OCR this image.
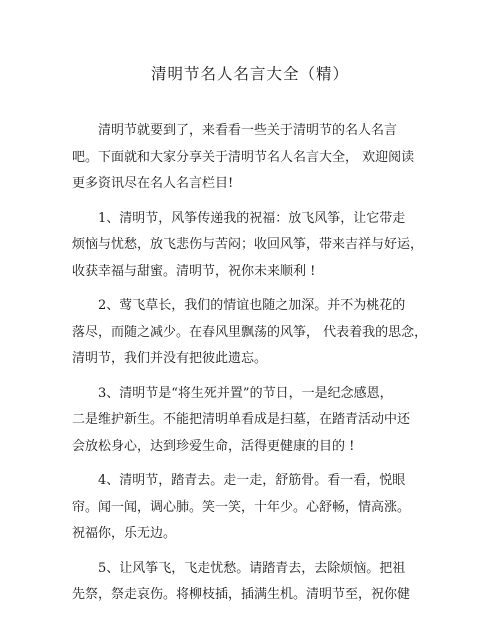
清明节名人名言大全（精）

清明节就要到了，来看看一些关于清明节的名人名言
吧。下面就和大家分享关于清明节名人名言大全， 欢迎阅读
更多资讯尽在名人名言栏目!

1、清明节，风筝传递我的祝福：放飞风筝，让它带走
烦恼与忧愁，放飞悲伤与苦闷；收回风筝，带来吉祥与好运，
收获幸福与甜蜜。清明节，祝你未来顺利 !

2、莺飞草长，我们的情谊也随之加深。并不为桃花的
落尽，而随之减少。在春风里飘荡的风筝， 代表着我的思念，
清明节，我们并没有把彼此遗忘。

3、清明节是“将生死并置”的节日，一是纪念感恩，
二是维护新生。不能把清明单看成是扫墓，在踏青活动中还
会放松身心，达到珍爱生命，活得更健康的目的 !

4、清明节，踏青去。走一走，舒筋骨。看一看，悦眼
帘。闻一闻，调心肺。笑一笑，十年少。心舒畅，情高涨。
祝福你，乐无边。

5、让风筝飞，飞走忧愁。请踏青去，去除烦恼。把祖
先祭，祭走哀伤。将柳枝插，插满生机。清明节至，祝你健
